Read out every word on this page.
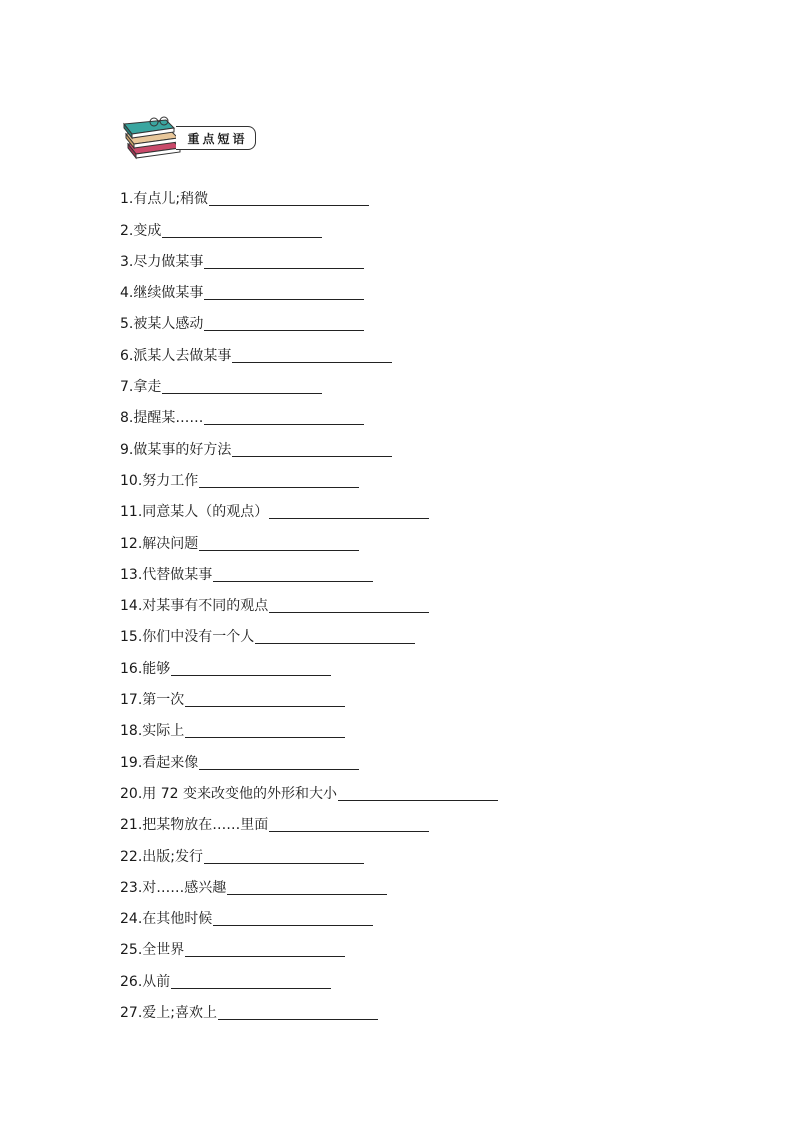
重点短语
1.有点儿;稍微
2.变成
3.尽力做某事
4.继续做某事
5.被某人感动
6.派某人去做某事
7.拿走
8.提醒某……
9.做某事的好方法
10.努力工作
11.同意某人（的观点）
12.解决问题
13.代替做某事
14.对某事有不同的观点
15.你们中没有一个人
16.能够
17.第一次
18.实际上
19.看起来像
20.用 72 变来改变他的外形和大小
21.把某物放在……里面
22.出版;发行
23.对……感兴趣
24.在其他时候
25.全世界
26.从前
27.爱上;喜欢上
